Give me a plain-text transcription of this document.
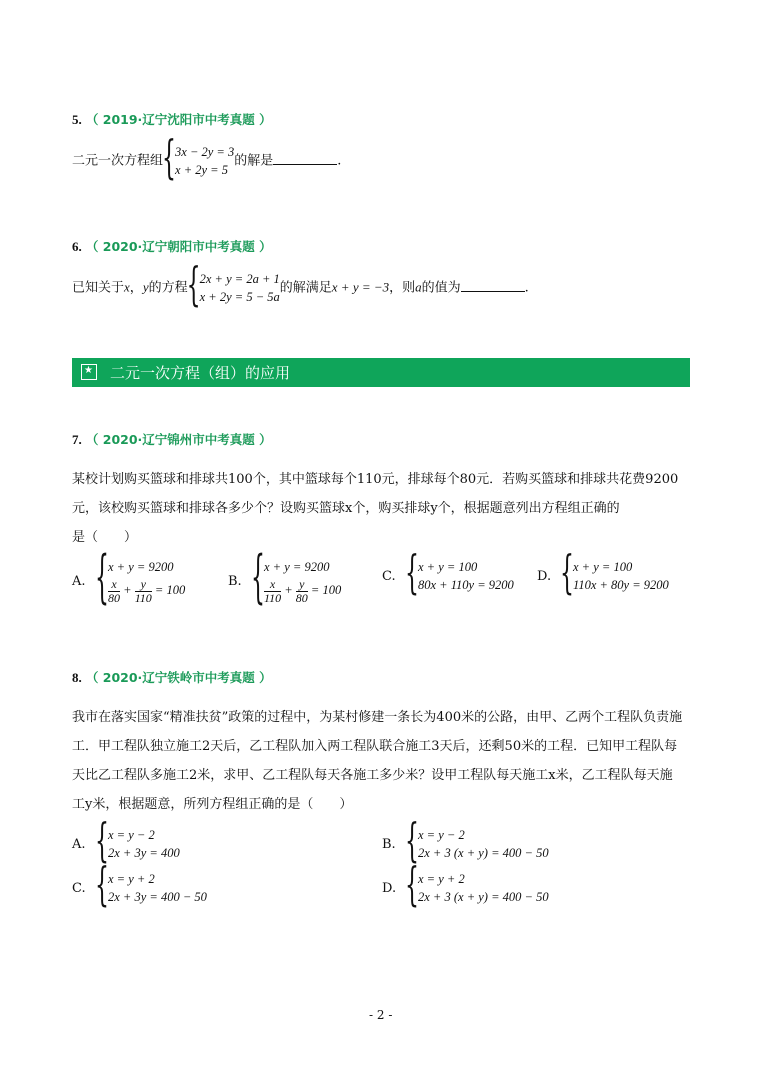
5. （ 2019·辽宁沈阳市中考真题 ）
二元一次方程组 { 3x − 2y = 3
x + 2y = 5
的解是	.
6. （ 2020·辽宁朝阳市中考真题 ）
已知关于x，y的方程 { 2x + y = 2a + 1
x + 2y = 5 − 5a
的解满足x + y = −3，则a的值为	.
★
二元一次方程（组）的应用
7. （ 2020·辽宁锦州市中考真题 ）
某校计划购买篮球和排球共100个，其中篮球每个110元，排球每个80元．若购买篮球和排球共花费9200
元，该校购买篮球和排球各多少个？设购买篮球x个，购买排球y个，根据题意列出方程组正确的
是（　　）
A. { x + y = 9200
$\frac{x}{80} + \frac{y}{110} = 100$
B. { x + y = 9200
$\frac{x}{110} + \frac{y}{80} = 100$
C. { x + y = 100
80x + 110y = 9200
D. { x + y = 100
110x + 80y = 9200
8. （ 2020·辽宁铁岭市中考真题 ）
我市在落实国家“精准扶贫”政策的过程中，为某村修建一条长为400米的公路，由甲、乙两个工程队负责施
工．甲工程队独立施工2天后，乙工程队加入两工程队联合施工3天后，还剩50米的工程．已知甲工程队每
天比乙工程队多施工2米，求甲、乙工程队每天各施工多少米？设甲工程队每天施工x米，乙工程队每天施
工y米，根据题意，所列方程组正确的是（　　）
A. { x = y − 2
2x + 3y = 400
B. { x = y − 2
2x + 3 (x + y) = 400 − 50
C. { x = y + 2
2x + 3y = 400 − 50
D. { x = y + 2
2x + 3 (x + y) = 400 − 50
- 2 -
